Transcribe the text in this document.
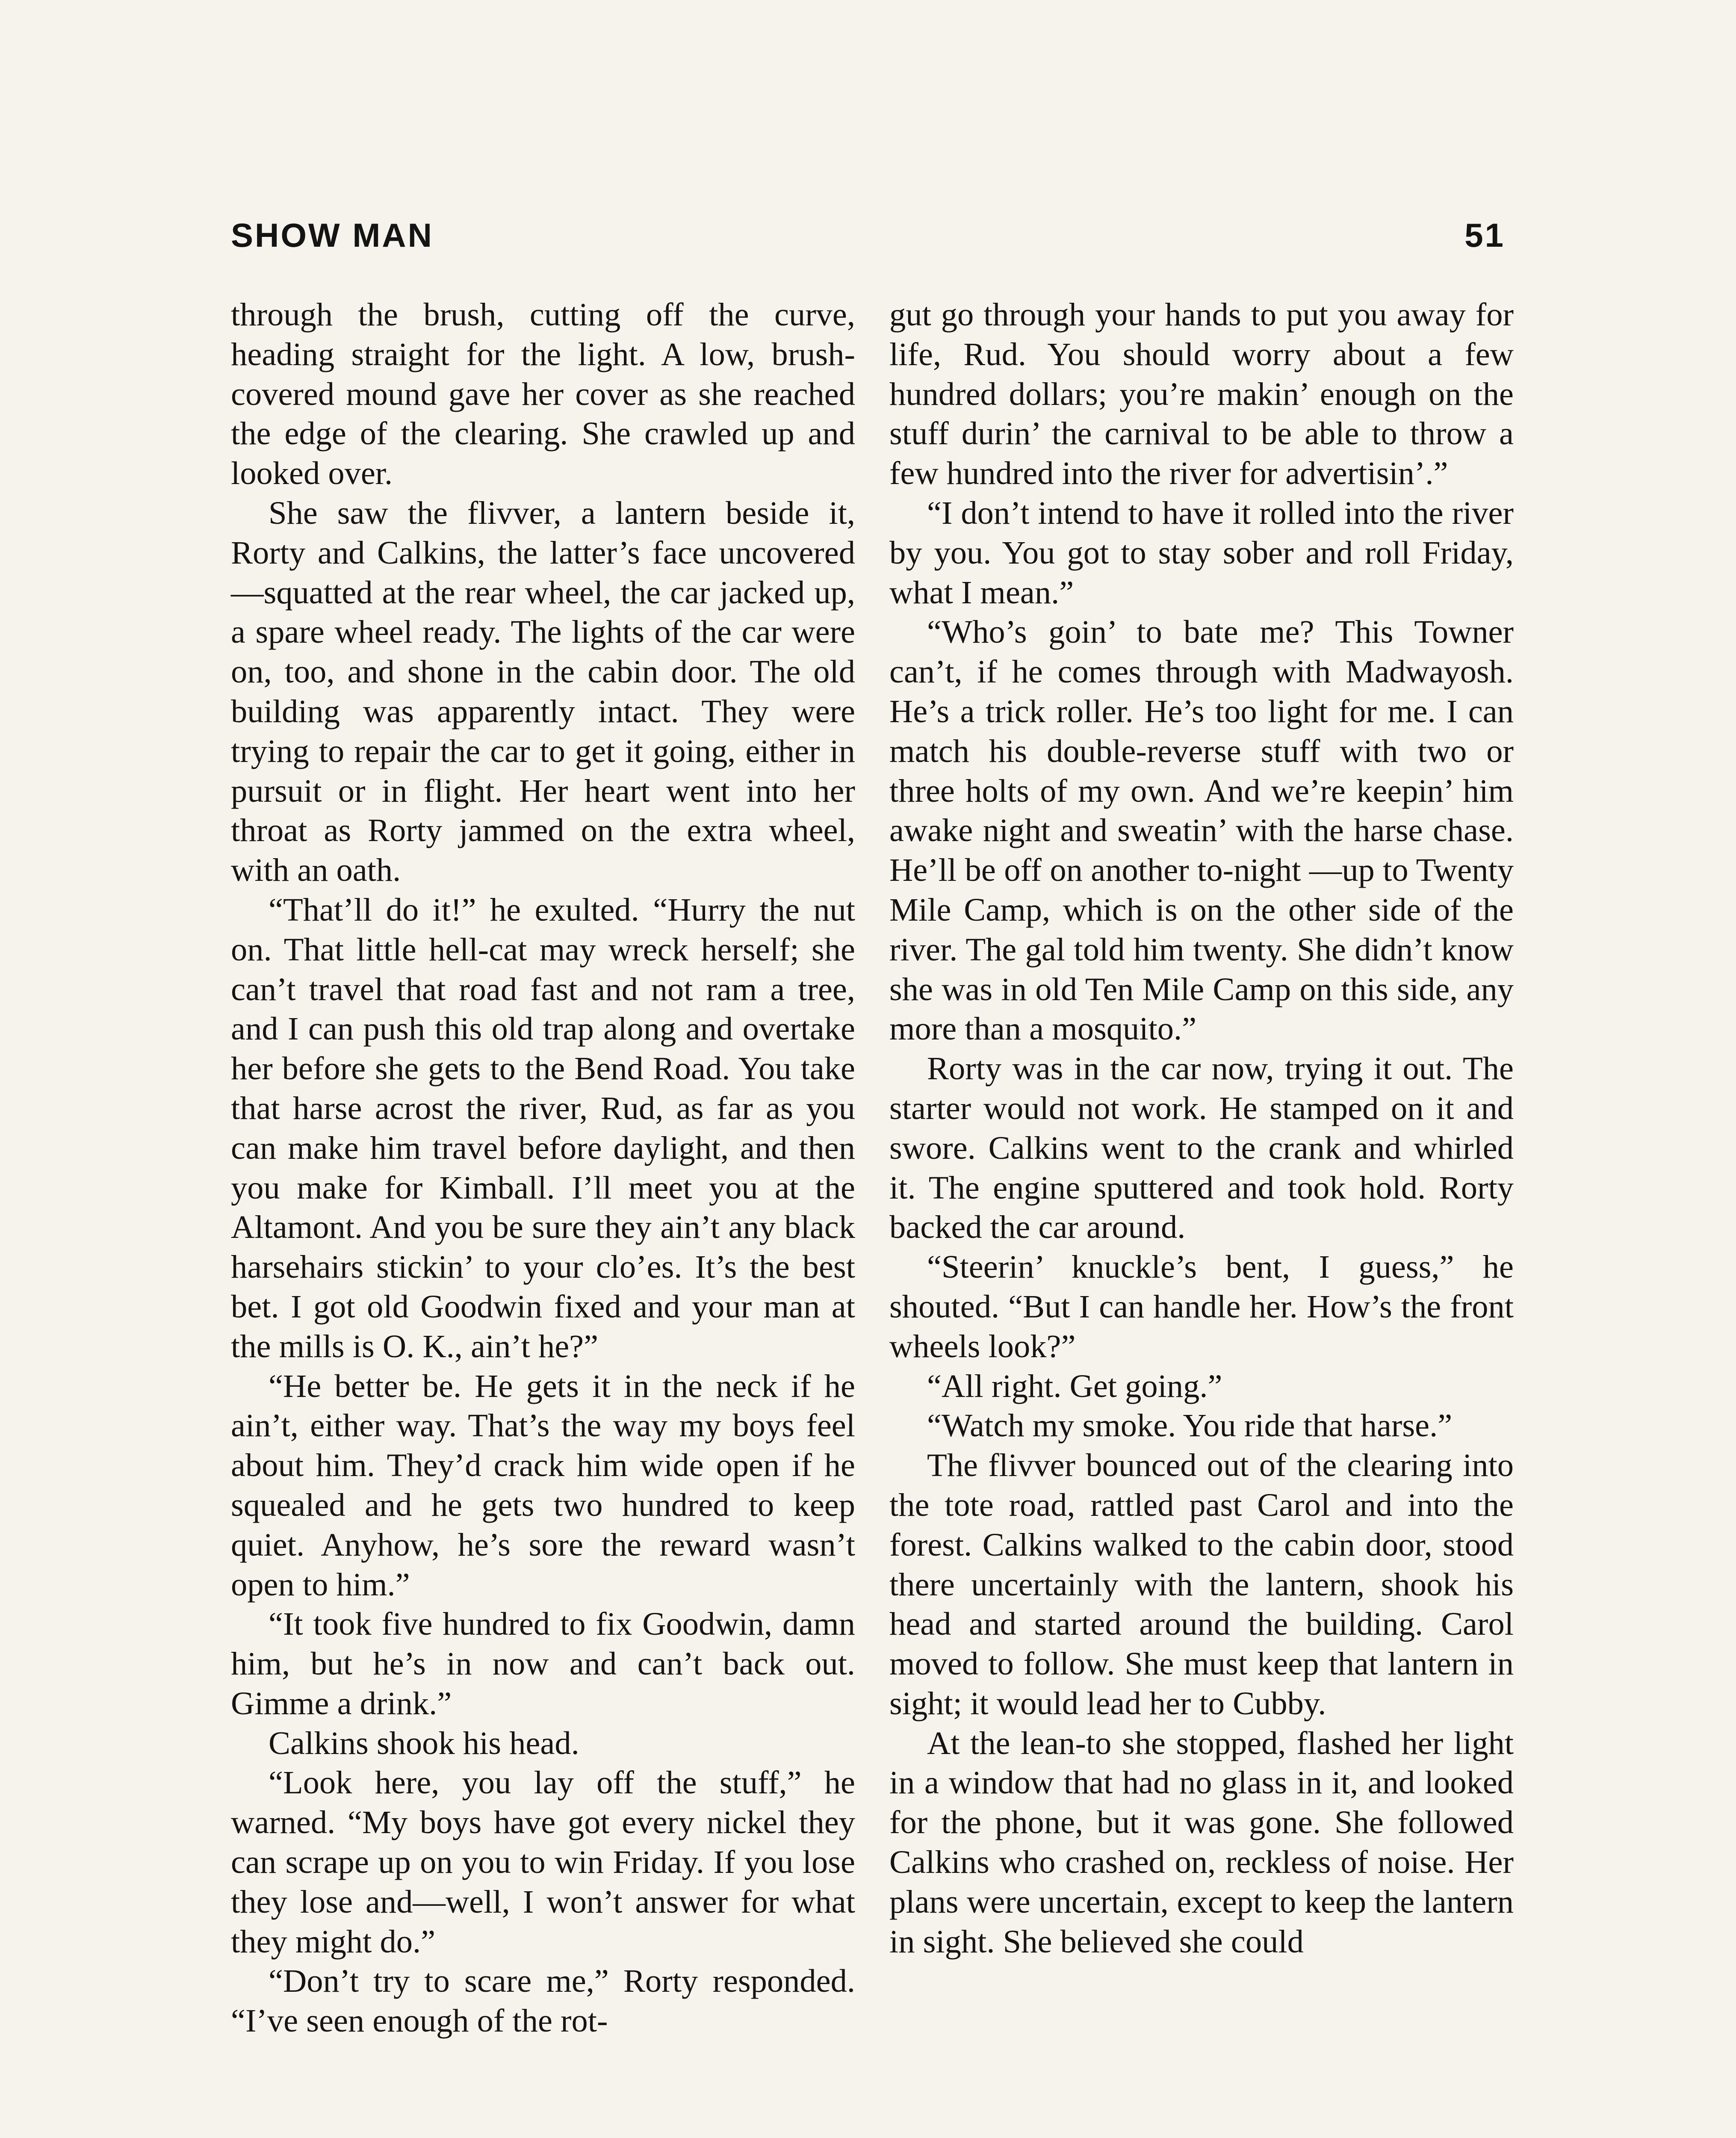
SHOW MAN	51

through the brush, cutting off the curve, heading straight for the light. A low, brush-covered mound gave her cover as she reached the edge of the clearing. She crawled up and looked over.

She saw the flivver, a lantern beside it, Rorty and Calkins, the latter’s face uncovered—squatted at the rear wheel, the car jacked up, a spare wheel ready. The lights of the car were on, too, and shone in the cabin door. The old building was apparently intact. They were trying to repair the car to get it going, either in pursuit or in flight. Her heart went into her throat as Rorty jammed on the extra wheel, with an oath.

“That’ll do it!” he exulted. “Hurry the nut on. That little hell-cat may wreck herself; she can’t travel that road fast and not ram a tree, and I can push this old trap along and overtake her before she gets to the Bend Road. You take that harse acrost the river, Rud, as far as you can make him travel before daylight, and then you make for Kimball. I’ll meet you at the Altamont. And you be sure they ain’t any black harsehairs stickin’ to your clo’es. It’s the best bet. I got old Goodwin fixed and your man at the mills is O. K., ain’t he?”

“He better be. He gets it in the neck if he ain’t, either way. That’s the way my boys feel about him. They’d crack him wide open if he squealed and he gets two hundred to keep quiet. Anyhow, he’s sore the reward wasn’t open to him.”

“It took five hundred to fix Goodwin, damn him, but he’s in now and can’t back out. Gimme a drink.”

Calkins shook his head.

“Look here, you lay off the stuff,” he warned. “My boys have got every nickel they can scrape up on you to win Friday. If you lose they lose and—well, I won’t answer for what they might do.”

“Don’t try to scare me,” Rorty responded. “I’ve seen enough of the rot-

gut go through your hands to put you away for life, Rud. You should worry about a few hundred dollars; you’re makin’ enough on the stuff durin’ the carnival to be able to throw a few hundred into the river for advertisin’.”

“I don’t intend to have it rolled into the river by you. You got to stay sober and roll Friday, what I mean.”

“Who’s goin’ to bate me? This Towner can’t, if he comes through with Madwayosh. He’s a trick roller. He’s too light for me. I can match his double-reverse stuff with two or three holts of my own. And we’re keepin’ him awake night and sweatin’ with the harse chase. He’ll be off on another to-night —up to Twenty Mile Camp, which is on the other side of the river. The gal told him twenty. She didn’t know she was in old Ten Mile Camp on this side, any more than a mosquito.”

Rorty was in the car now, trying it out. The starter would not work. He stamped on it and swore. Calkins went to the crank and whirled it. The engine sputtered and took hold. Rorty backed the car around.

“Steerin’ knuckle’s bent, I guess,” he shouted. “But I can handle her. How’s the front wheels look?”

“All right. Get going.”

“Watch my smoke. You ride that harse.”

The flivver bounced out of the clearing into the tote road, rattled past Carol and into the forest. Calkins walked to the cabin door, stood there uncertainly with the lantern, shook his head and started around the building. Carol moved to follow. She must keep that lantern in sight; it would lead her to Cubby.

At the lean-to she stopped, flashed her light in a window that had no glass in it, and looked for the phone, but it was gone. She followed Calkins who crashed on, reckless of noise. Her plans were uncertain, except to keep the lantern in sight. She believed she could
